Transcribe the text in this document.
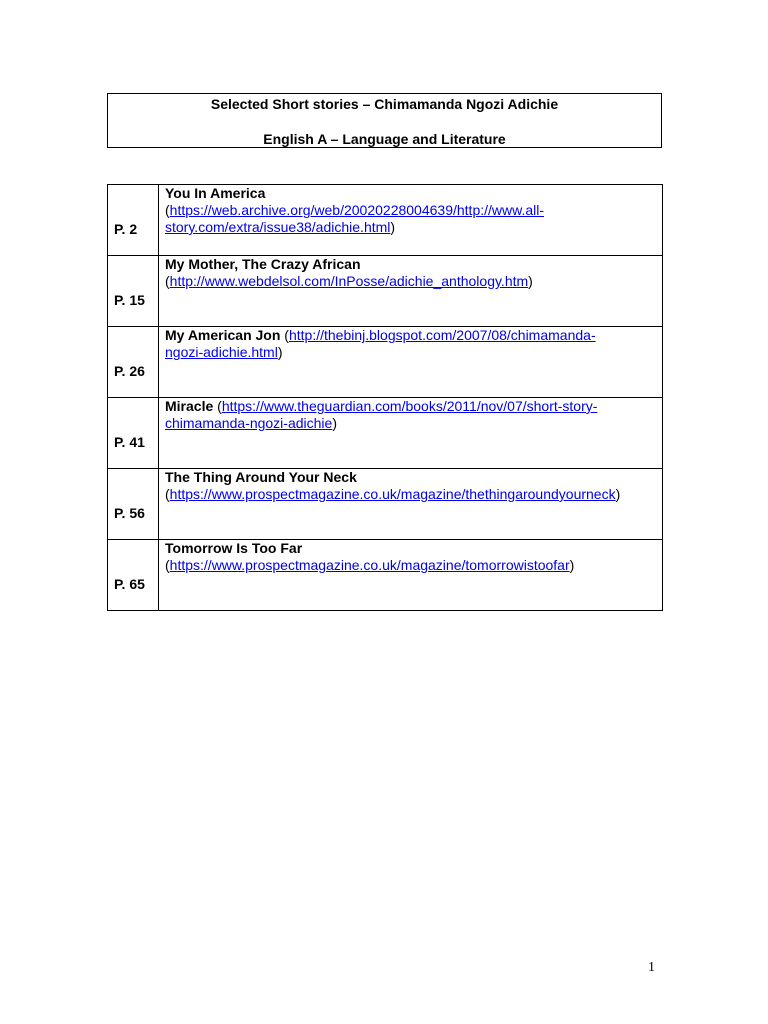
Selected Short stories – Chimamanda Ngozi Adichie
English A – Language and Literature
P. 2	You In America
(https://web.archive.org/web/20020228004639/http://www.all-
story.com/extra/issue38/adichie.html)
P. 15	My Mother, The Crazy African
(http://www.webdelsol.com/InPosse/adichie_anthology.htm)
P. 26	My American Jon (http://thebinj.blogspot.com/2007/08/chimamanda-
ngozi-adichie.html)
P. 41	Miracle (https://www.theguardian.com/books/2011/nov/07/short-story-
chimamanda-ngozi-adichie)
P. 56	The Thing Around Your Neck
(https://www.prospectmagazine.co.uk/magazine/thethingaroundyourneck)
P. 65	Tomorrow Is Too Far
(https://www.prospectmagazine.co.uk/magazine/tomorrowistoofar)
1
